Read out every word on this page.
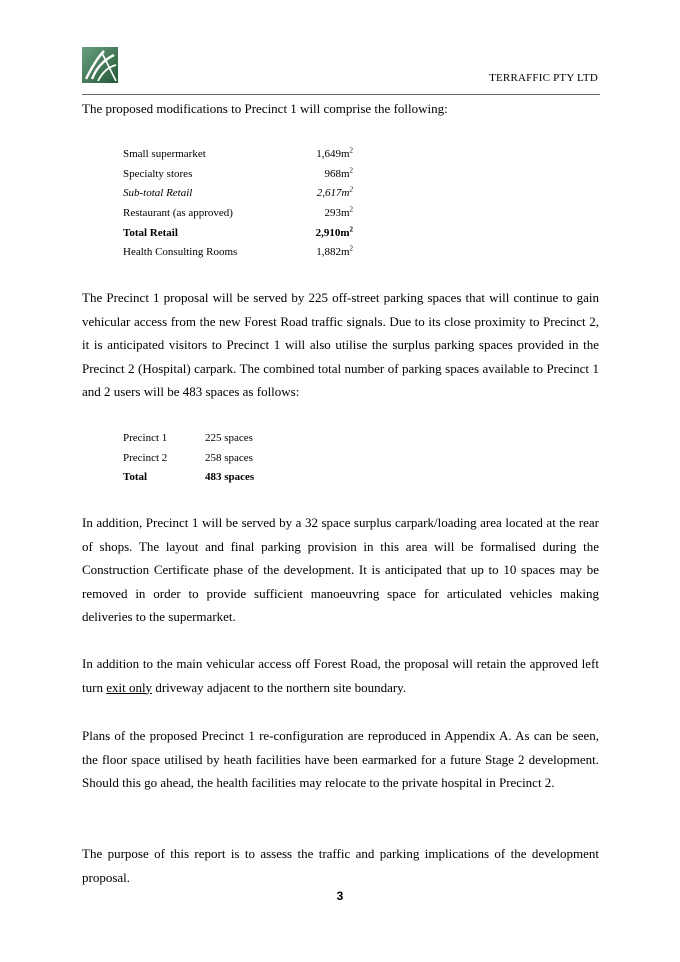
TERRAFFIC PTY LTD
The proposed modifications to Precinct 1 will comprise the following:
Small supermarket	$1,649m^2$
Specialty stores	$968m^2$
Sub-total Retail	$2,617m^2$
Restaurant (as approved)	$293m^2$
Total Retail	$2,910m^2$
Health Consulting Rooms	$1,882m^2$
The Precinct 1 proposal will be served by 225 off-street parking spaces that will continue to gain vehicular access from the new Forest Road traffic signals. Due to its close proximity to Precinct 2, it is anticipated visitors to Precinct 1 will also utilise the surplus parking spaces provided in the Precinct 2 (Hospital) carpark. The combined total number of parking spaces available to Precinct 1 and 2 users will be 483 spaces as follows:
Precinct 1	225 spaces
Precinct 2	258 spaces
Total	483 spaces
In addition, Precinct 1 will be served by a 32 space surplus carpark/loading area located at the rear of shops. The layout and final parking provision in this area will be formalised during the Construction Certificate phase of the development. It is anticipated that up to 10 spaces may be removed in order to provide sufficient manoeuvring space for articulated vehicles making deliveries to the supermarket.
In addition to the main vehicular access off Forest Road, the proposal will retain the approved left turn exit only driveway adjacent to the northern site boundary.
Plans of the proposed Precinct 1 re-configuration are reproduced in Appendix A. As can be seen, the floor space utilised by heath facilities have been earmarked for a future Stage 2 development. Should this go ahead, the health facilities may relocate to the private hospital in Precinct 2.
The purpose of this report is to assess the traffic and parking implications of the development proposal.
3
